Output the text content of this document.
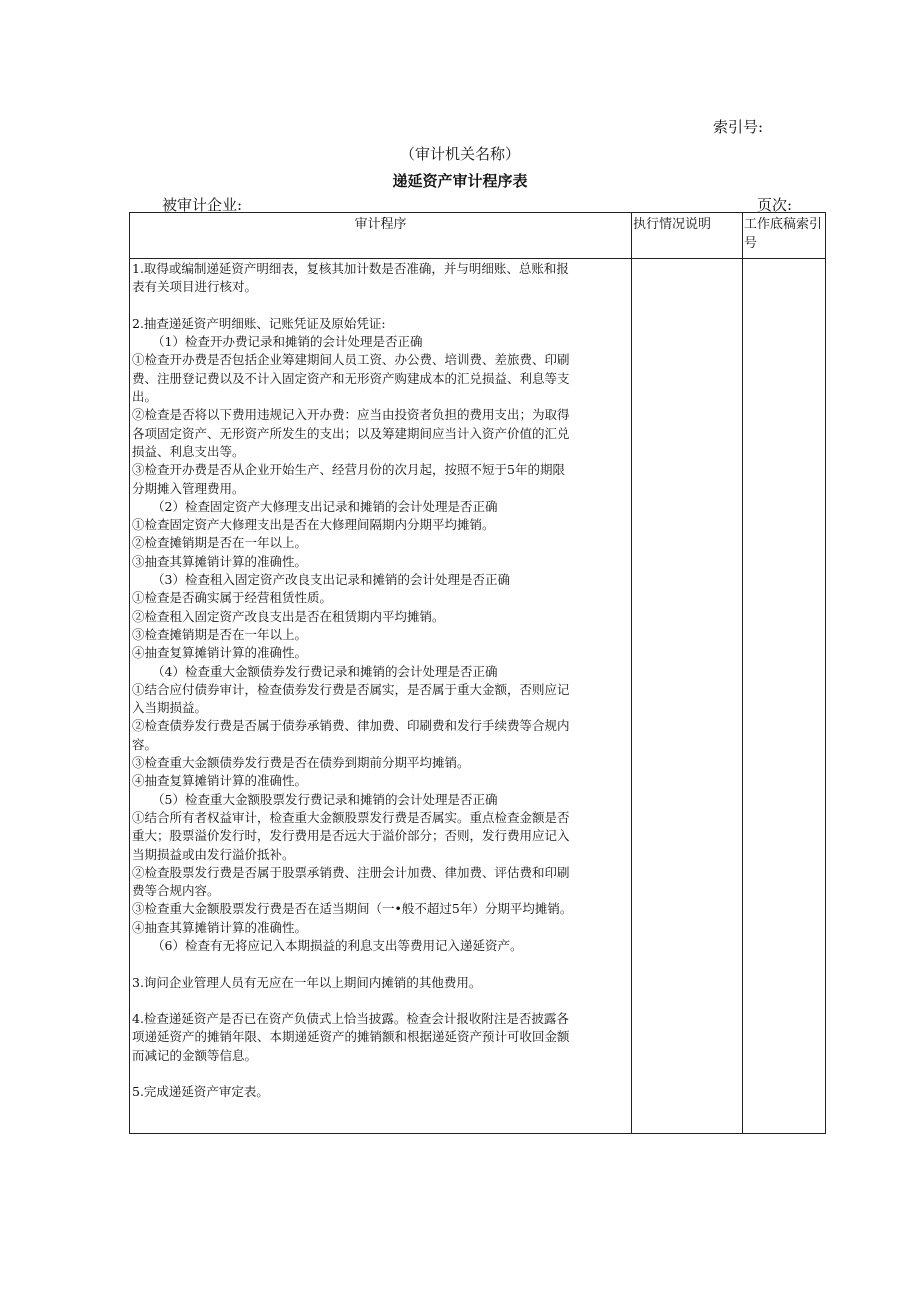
索引号:
（审计机关名称）
递延资产审计程序表
被审计企业:	页次:
审计程序	执行情况说明	工作底稿索引号
1.取得或编制递延资产明细表，复核其加计数是否准确，并与明细账、总账和报
表有关项目进行核对。
2.抽查递延资产明细账、记账凭证及原始凭证:
（1）检查开办费记录和摊销的会计处理是否正确
①检查开办费是否包括企业筹建期间人员工资、办公费、培训费、差旅费、印刷
费、注册登记费以及不计入固定资产和无形资产购建成本的汇兑损益、利息等支
出。
②检查是否将以下费用违规记入开办费：应当由投资者负担的费用支出；为取得
各项固定资产、无形资产所发生的支出；以及筹建期间应当计入资产价值的汇兑
损益、利息支出等。
③检查开办费是否从企业开始生产、经营月份的次月起，按照不短于5年的期限
分期摊入管理费用。
（2）检查固定资产大修理支出记录和摊销的会计处理是否正确
①检查固定资产大修理支出是否在大修理间隔期内分期平均摊销。
②检查摊销期是否在一年以上。
③抽查其算摊销计算的准确性。
（3）检查租入固定资产改良支出记录和摊销的会计处理是否正确
①检查是否确实属于经营租赁性质。
②检查租入固定资产改良支出是否在租赁期内平均摊销。
③检查摊销期是否在一年以上。
④抽查复算摊销计算的准确性。
（4）检查重大金额债券发行费记录和摊销的会计处理是否正确
①结合应付债券审计，检查债券发行费是否属实，是否属于重大金额，否则应记
入当期损益。
②检查债券发行费是否属于债券承销费、律加费、印刷费和发行手续费等合规内
容。
③检查重大金额债券发行费是否在债券到期前分期平均摊销。
④抽查复算摊销计算的准确性。
（5）检查重大金额股票发行费记录和摊销的会计处理是否正确
①结合所有者权益审计，检查重大金额股票发行费是否属实。重点检查金额是否
重大；股票溢价发行时，发行费用是否远大于溢价部分；否则，发行费用应记入
当期损益或由发行溢价抵补。
②检查股票发行费是否属于股票承销费、注册会计加费、律加费、评估费和印刷
费等合规内容。
③检查重大金额股票发行费是否在适当期间（一•般不超过5年）分期平均摊销。
④抽查其算摊销计算的准确性。
（6）检查有无将应记入本期损益的利息支出等费用记入递延资产。
3.询问企业管理人员有无应在一年以上期间内摊销的其他费用。
4.检查递延资产是否已在资产负债式上恰当披露。检查会计报收附注是否披露各
项递延资产的摊销年限、本期递延资产的摊销额和根据递延资产预计可收回金额
而减记的金额等信息。
5.完成递延资产审定表。
